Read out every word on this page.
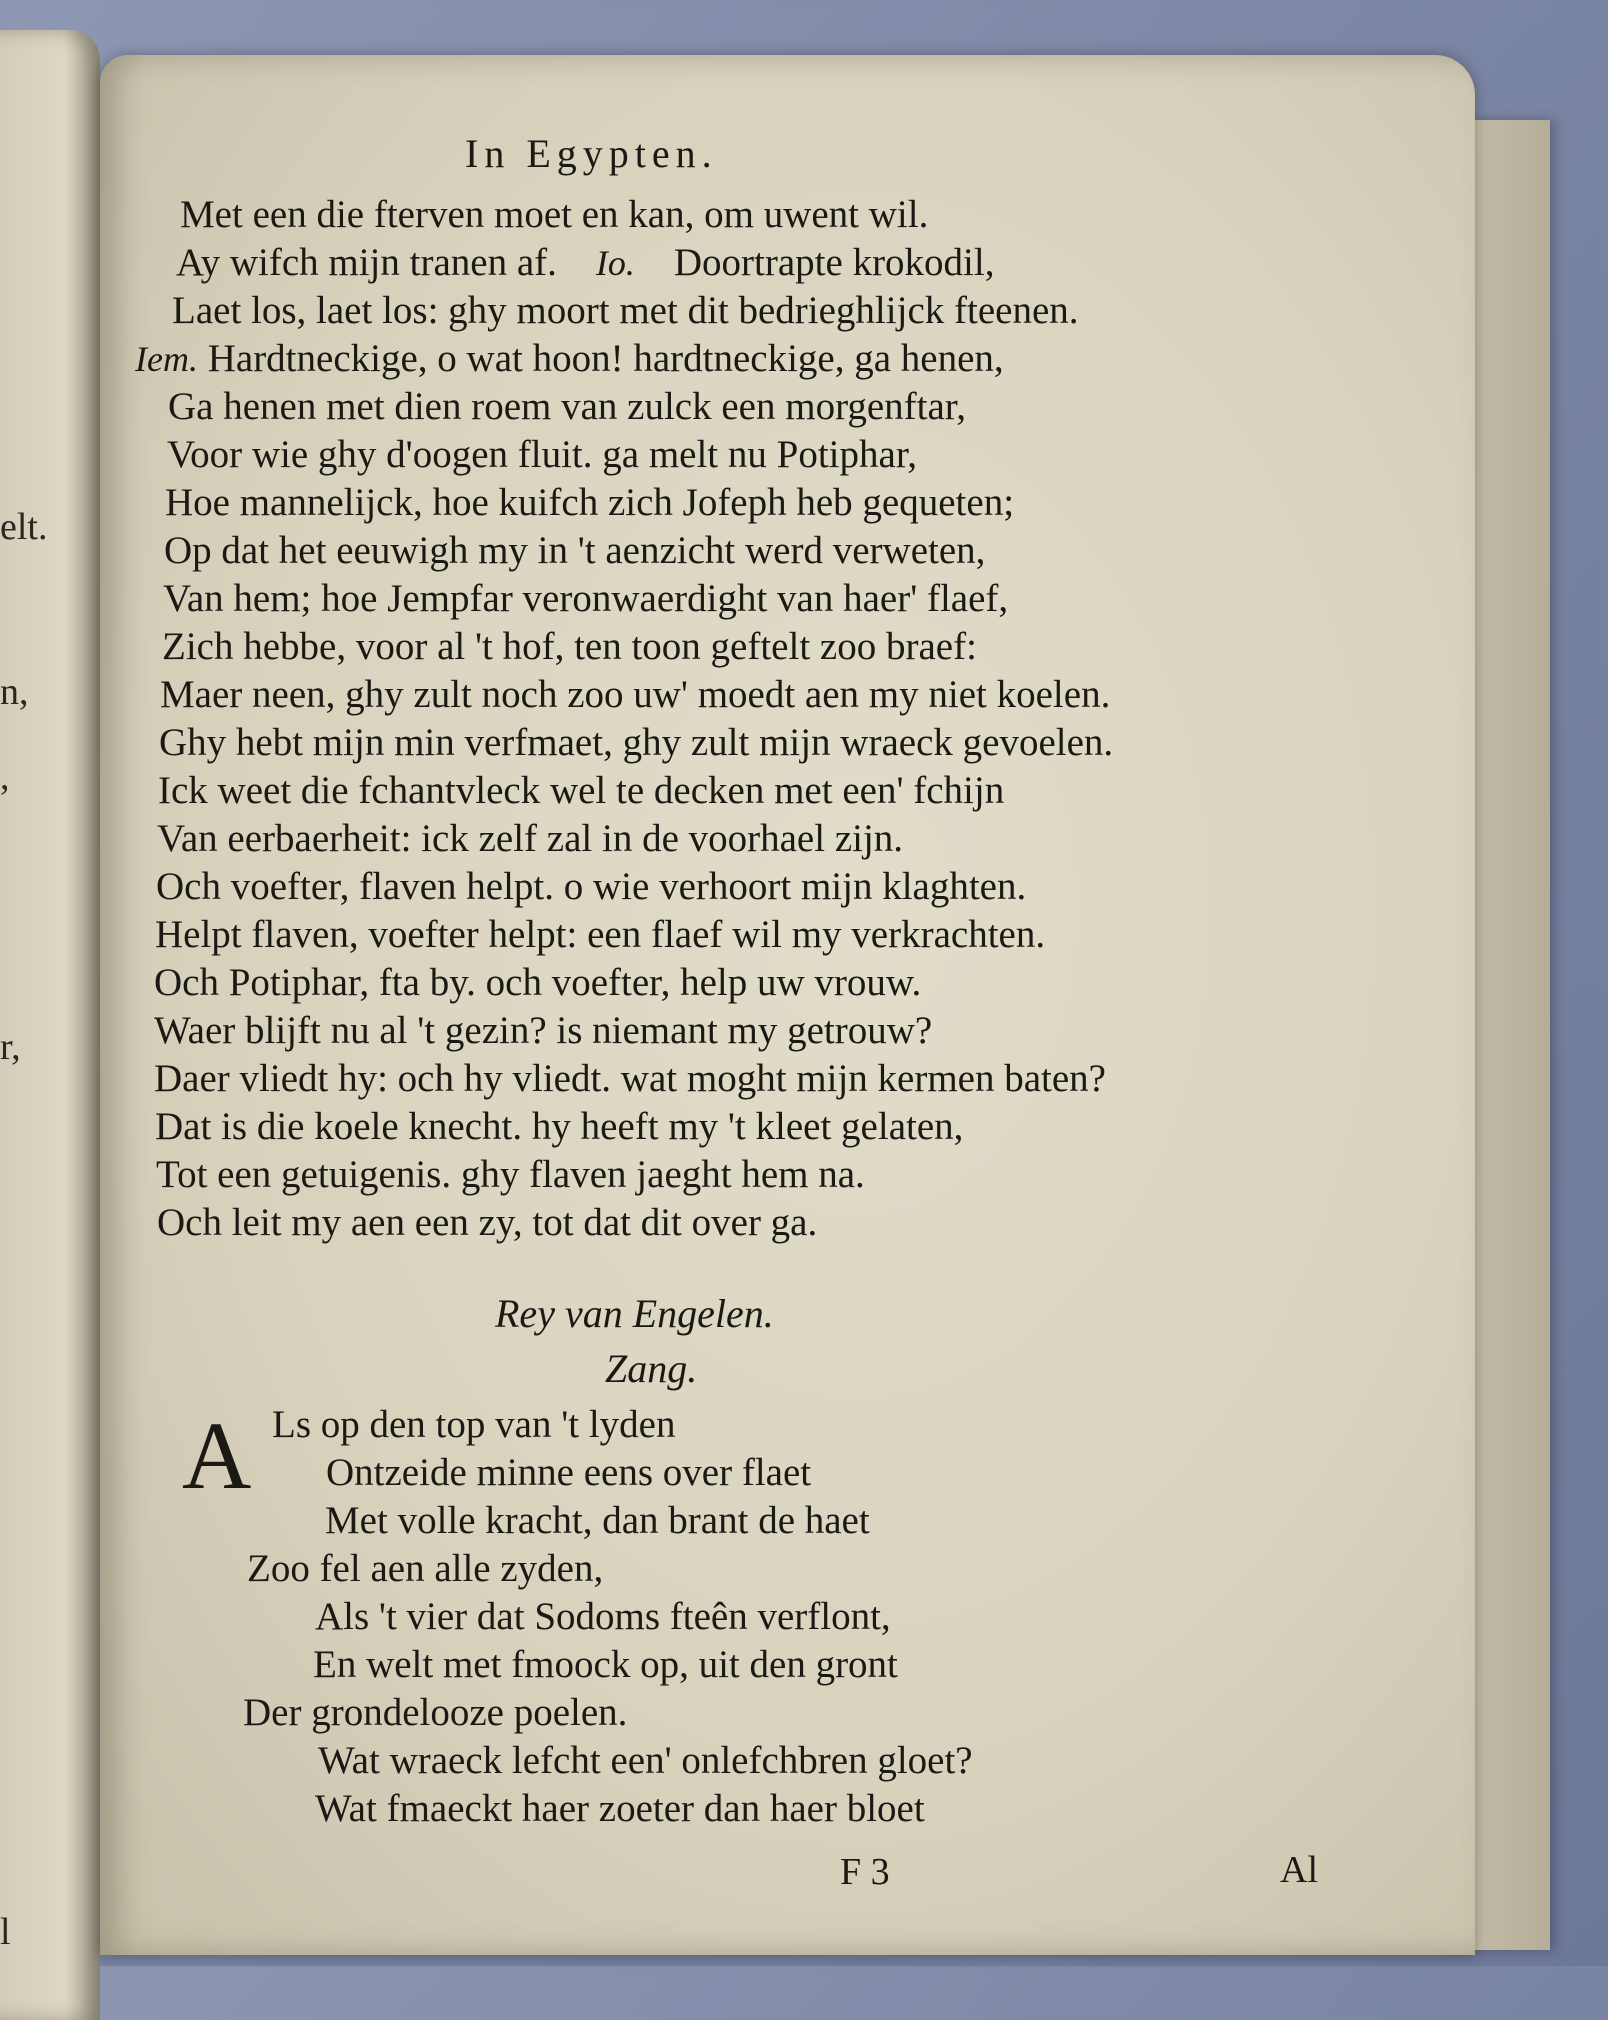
elt.
n,
,
r,
l
In Egypten.
Met een die fterven moet en kan, om uwent wil.
Ay wifch mijn tranen af. Io. Doortrapte krokodil,
Laet los, laet los: ghy moort met dit bedrieghlijck fteenen.
Iem. Hardtneckige, o wat hoon! hardtneckige, ga henen,
Ga henen met dien roem van zulck een morgenftar,
Voor wie ghy d'oogen fluit. ga melt nu Potiphar,
Hoe mannelijck, hoe kuifch zich Jofeph heb gequeten;
Op dat het eeuwigh my in 't aenzicht werd verweten,
Van hem; hoe Jempfar veronwaerdight van haer' flaef,
Zich hebbe, voor al 't hof, ten toon geftelt zoo braef:
Maer neen, ghy zult noch zoo uw' moedt aen my niet koelen.
Ghy hebt mijn min verfmaet, ghy zult mijn wraeck gevoelen.
Ick weet die fchantvleck wel te decken met een' fchijn
Van eerbaerheit: ick zelf zal in de voorhael zijn.
Och voefter, flaven helpt. o wie verhoort mijn klaghten.
Helpt flaven, voefter helpt: een flaef wil my verkrachten.
Och Potiphar, fta by. och voefter, help uw vrouw.
Waer blijft nu al 't gezin? is niemant my getrouw?
Daer vliedt hy: och hy vliedt. wat moght mijn kermen baten?
Dat is die koele knecht. hy heeft my 't kleet gelaten,
Tot een getuigenis. ghy flaven jaeght hem na.
Och leit my aen een zy, tot dat dit over ga.
Rey van Engelen.
Zang.
A Ls op den top van 't lyden
Ontzeide minne eens over flaet
Met volle kracht, dan brant de haet
Zoo fel aen alle zyden,
Als 't vier dat Sodoms fteên verflont,
En welt met fmoock op, uit den gront
Der grondelooze poelen.
Wat wraeck lefcht een' onlefchbren gloet?
Wat fmaeckt haer zoeter dan haer bloet
F 3	Al
